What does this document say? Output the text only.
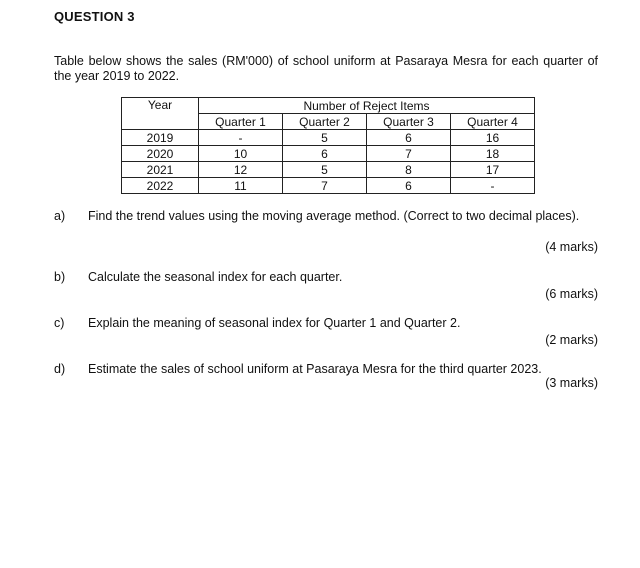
QUESTION 3
Table below shows the sales (RM'000) of school uniform at Pasaraya Mesra for each quarter of the year 2019 to 2022.
Year	Number of Reject Items			
	Quarter 1	Quarter 2	Quarter 3	Quarter 4
2019	-	5	6	16
2020	10	6	7	18
2021	12	5	8	17
2022	11	7	6	-
a) Find the trend values using the moving average method. (Correct to two decimal places).
(4 marks)
b) Calculate the seasonal index for each quarter.
(6 marks)
c) Explain the meaning of seasonal index for Quarter 1 and Quarter 2.
(2 marks)
d) Estimate the sales of school uniform at Pasaraya Mesra for the third quarter 2023.
(3 marks)
